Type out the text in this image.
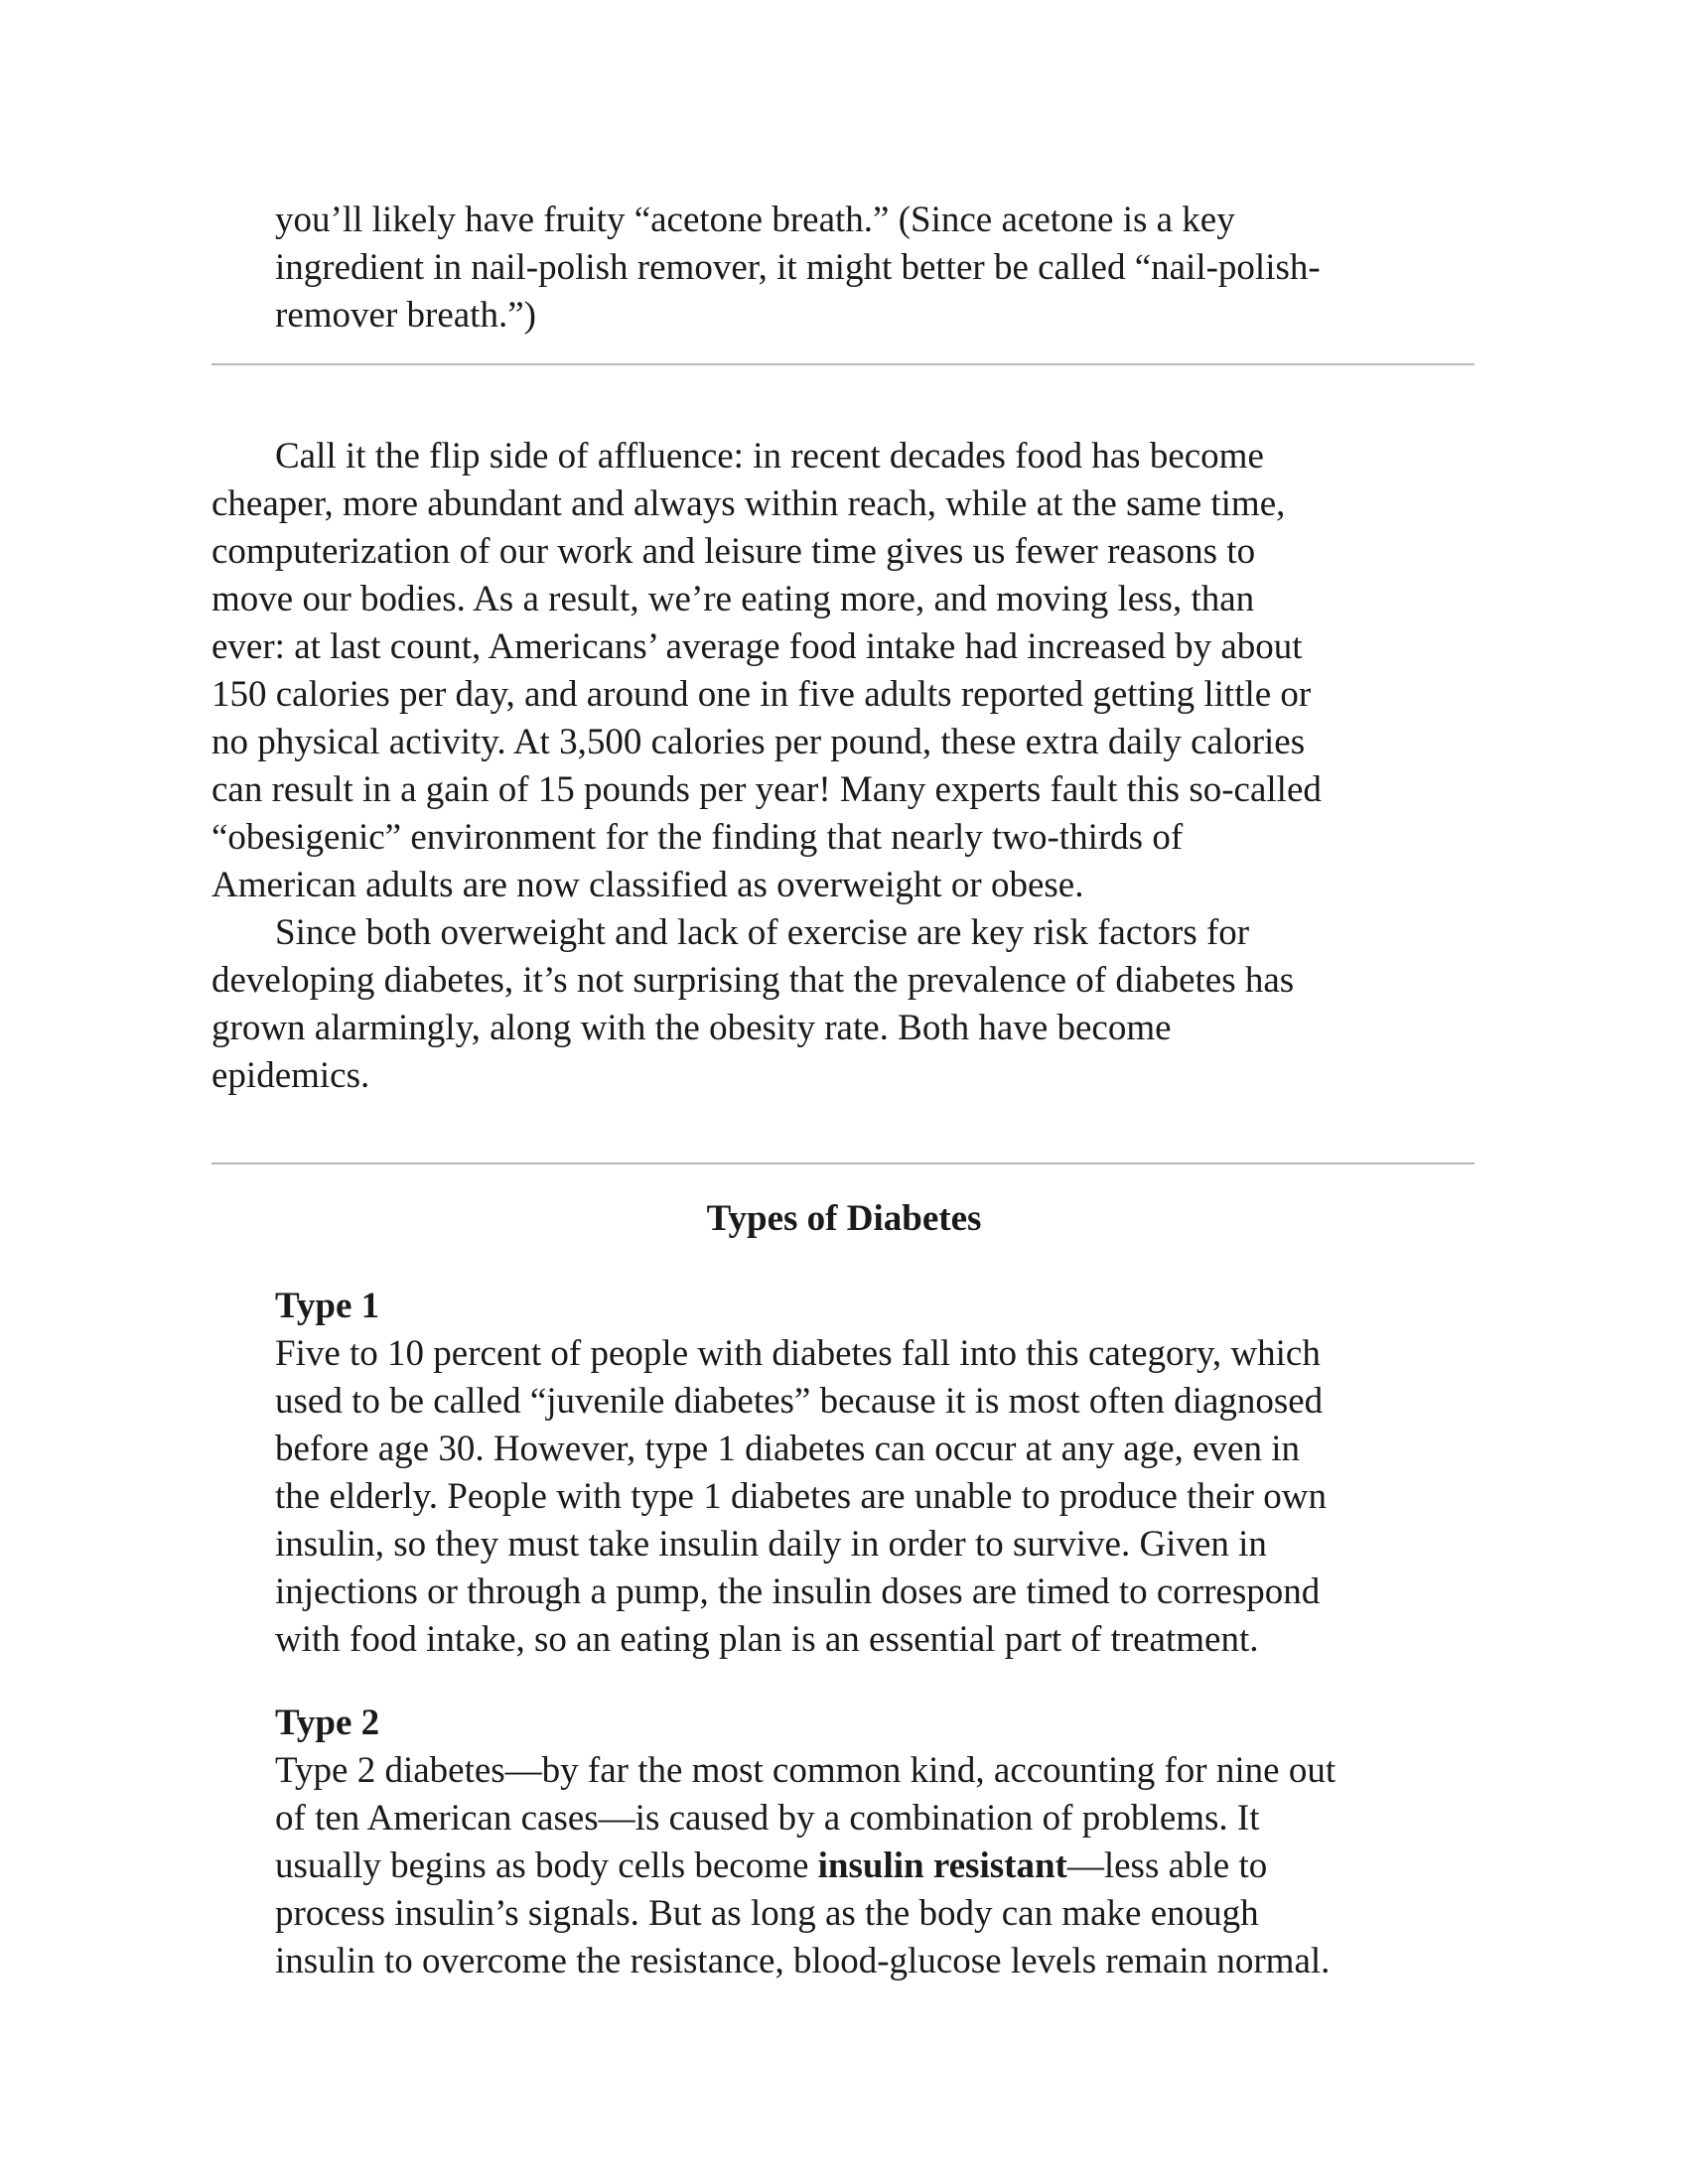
you’ll likely have fruity “acetone breath.” (Since acetone is a key
ingredient in nail-polish remover, it might better be called “nail-polish-
remover breath.”)
Call it the flip side of affluence: in recent decades food has become
cheaper, more abundant and always within reach, while at the same time,
computerization of our work and leisure time gives us fewer reasons to
move our bodies. As a result, we’re eating more, and moving less, than
ever: at last count, Americans’ average food intake had increased by about
150 calories per day, and around one in five adults reported getting little or
no physical activity. At 3,500 calories per pound, these extra daily calories
can result in a gain of 15 pounds per year! Many experts fault this so-called
“obesigenic” environment for the finding that nearly two-thirds of
American adults are now classified as overweight or obese.
Since both overweight and lack of exercise are key risk factors for
developing diabetes, it’s not surprising that the prevalence of diabetes has
grown alarmingly, along with the obesity rate. Both have become
epidemics.
Types of Diabetes
Type 1
Five to 10 percent of people with diabetes fall into this category, which
used to be called “juvenile diabetes” because it is most often diagnosed
before age 30. However, type 1 diabetes can occur at any age, even in
the elderly. People with type 1 diabetes are unable to produce their own
insulin, so they must take insulin daily in order to survive. Given in
injections or through a pump, the insulin doses are timed to correspond
with food intake, so an eating plan is an essential part of treatment.
Type 2
Type 2 diabetes—by far the most common kind, accounting for nine out
of ten American cases—is caused by a combination of problems. It
usually begins as body cells become insulin resistant—less able to
process insulin’s signals. But as long as the body can make enough
insulin to overcome the resistance, blood-glucose levels remain normal.
